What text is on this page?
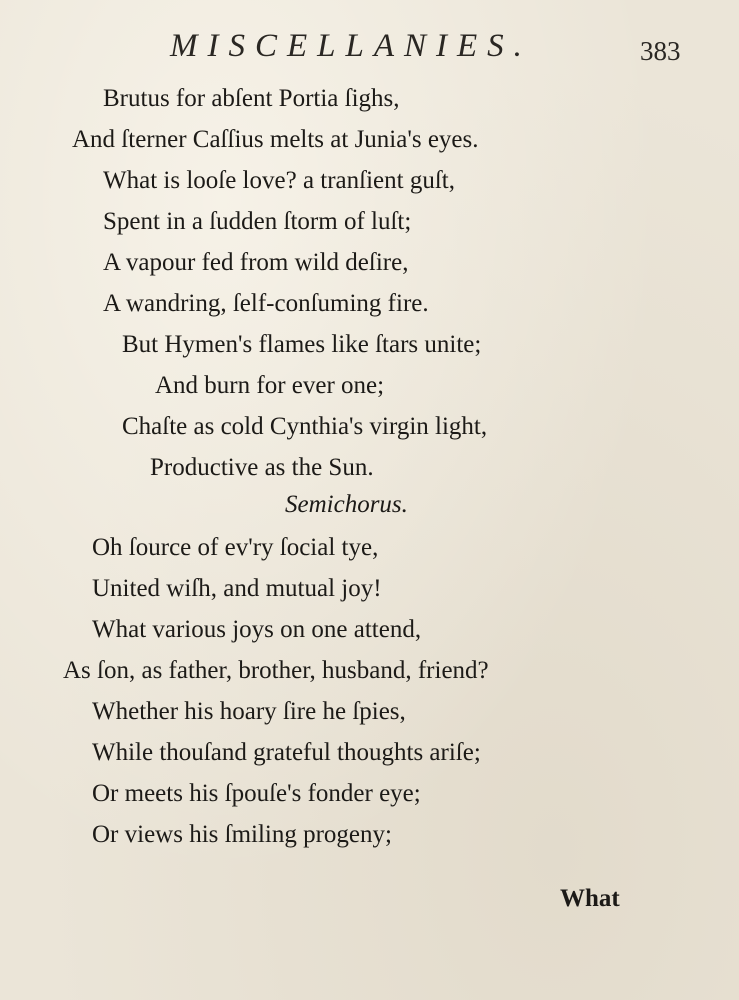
MISCELLANIES.	383
Brutus for abſent Portia ſighs,
And ſterner Caſſius melts at Junia's eyes.
What is looſe love? a tranſient guſt,
Spent in a ſudden ſtorm of luſt;
A vapour fed from wild deſire,
A wandring, ſelf-conſuming fire.
But Hymen's flames like ſtars unite;
And burn for ever one;
Chaſte as cold Cynthia's virgin light,
Productive as the Sun.
Semichorus.
Oh ſource of ev'ry ſocial tye,
United wiſh, and mutual joy!
What various joys on one attend,
As ſon, as father, brother, husband, friend?
Whether his hoary ſire he ſpies,
While thouſand grateful thoughts ariſe;
Or meets his ſpouſe's fonder eye;
Or views his ſmiling progeny;
What
